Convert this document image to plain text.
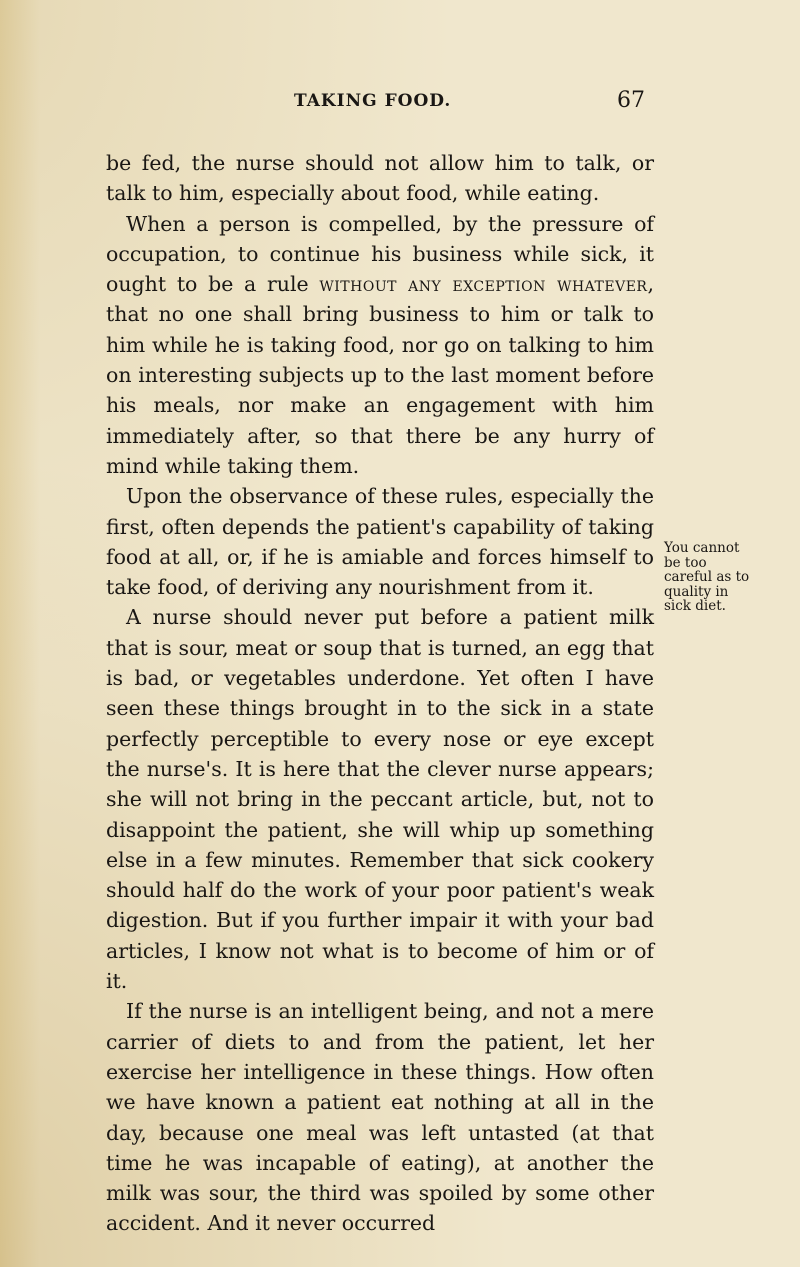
TAKING FOOD.	67

be fed, the nurse should not allow him to talk, or talk to him, especially about food, while eating.

When a person is compelled, by the pressure of occupation, to continue his business while sick, it ought to be a rule without any exception whatever, that no one shall bring business to him or talk to him while he is taking food, nor go on talking to him on interesting subjects up to the last moment before his meals, nor make an engagement with him immediately after, so that there be any hurry of mind while taking them.

Upon the observance of these rules, especially the first, often depends the patient's capability of taking food at all, or, if he is amiable and forces himself to take food, of deriving any nourishment from it.

A nurse should never put before a patient milk that is sour, meat or soup that is turned, an egg that is bad, or vegetables underdone. Yet often I have seen these things brought in to the sick in a state perfectly perceptible to every nose or eye except the nurse's. It is here that the clever nurse appears; she will not bring in the peccant article, but, not to disappoint the patient, she will whip up something else in a few minutes. Remember that sick cookery should half do the work of your poor patient's weak digestion. But if you further impair it with your bad articles, I know not what is to become of him or of it.

If the nurse is an intelligent being, and not a mere carrier of diets to and from the patient, let her exercise her intelligence in these things. How often we have known a patient eat nothing at all in the day, because one meal was left untasted (at that time he was incapable of eating), at another the milk was sour, the third was spoiled by some other accident. And it never occurred

You cannot be too careful as to quality in sick diet.
